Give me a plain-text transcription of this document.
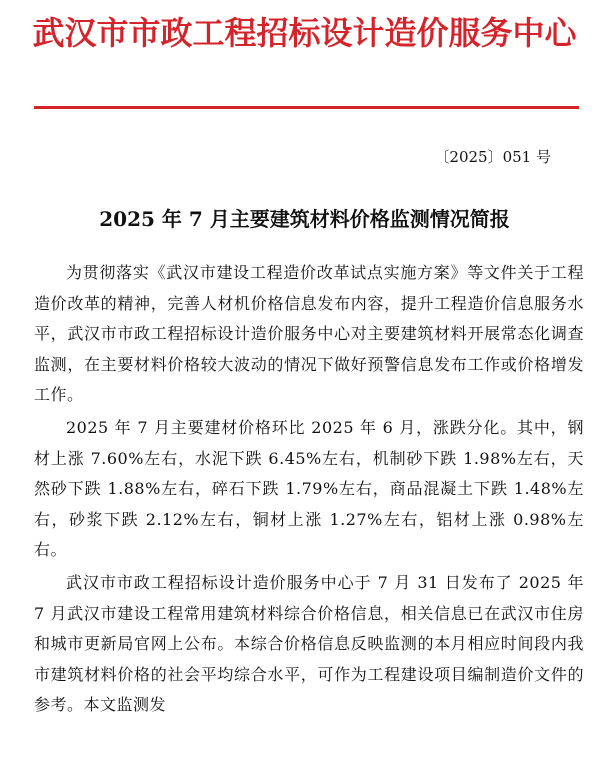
武汉市市政工程招标设计造价服务中心
〔2025〕051 号
2025 年 7 月主要建筑材料价格监测情况简报

为贯彻落实《武汉市建设工程造价改革试点实施方案》等文件关于工程造价改革的精神，完善人材机价格信息发布内容，提升工程造价信息服务水平，武汉市市政工程招标设计造价服务中心对主要建筑材料开展常态化调查监测，在主要材料价格较大波动的情况下做好预警信息发布工作或价格增发工作。

2025 年 7 月主要建材价格环比 2025 年 6 月，涨跌分化。其中，钢材上涨 7.60%左右，水泥下跌 6.45%左右，机制砂下跌 1.98%左右，天然砂下跌 1.88%左右，碎石下跌 1.79%左右，商品混凝土下跌 1.48%左右，砂浆下跌 2.12%左右，铜材上涨 1.27%左右，铝材上涨 0.98%左右。

武汉市市政工程招标设计造价服务中心于 7 月 31 日发布了 2025 年 7 月武汉市建设工程常用建筑材料综合价格信息，相关信息已在武汉市住房和城市更新局官网上公布。本综合价格信息反映监测的本月相应时间段内我市建筑材料价格的社会平均综合水平，可作为工程建设项目编制造价文件的参考。本文监测发
